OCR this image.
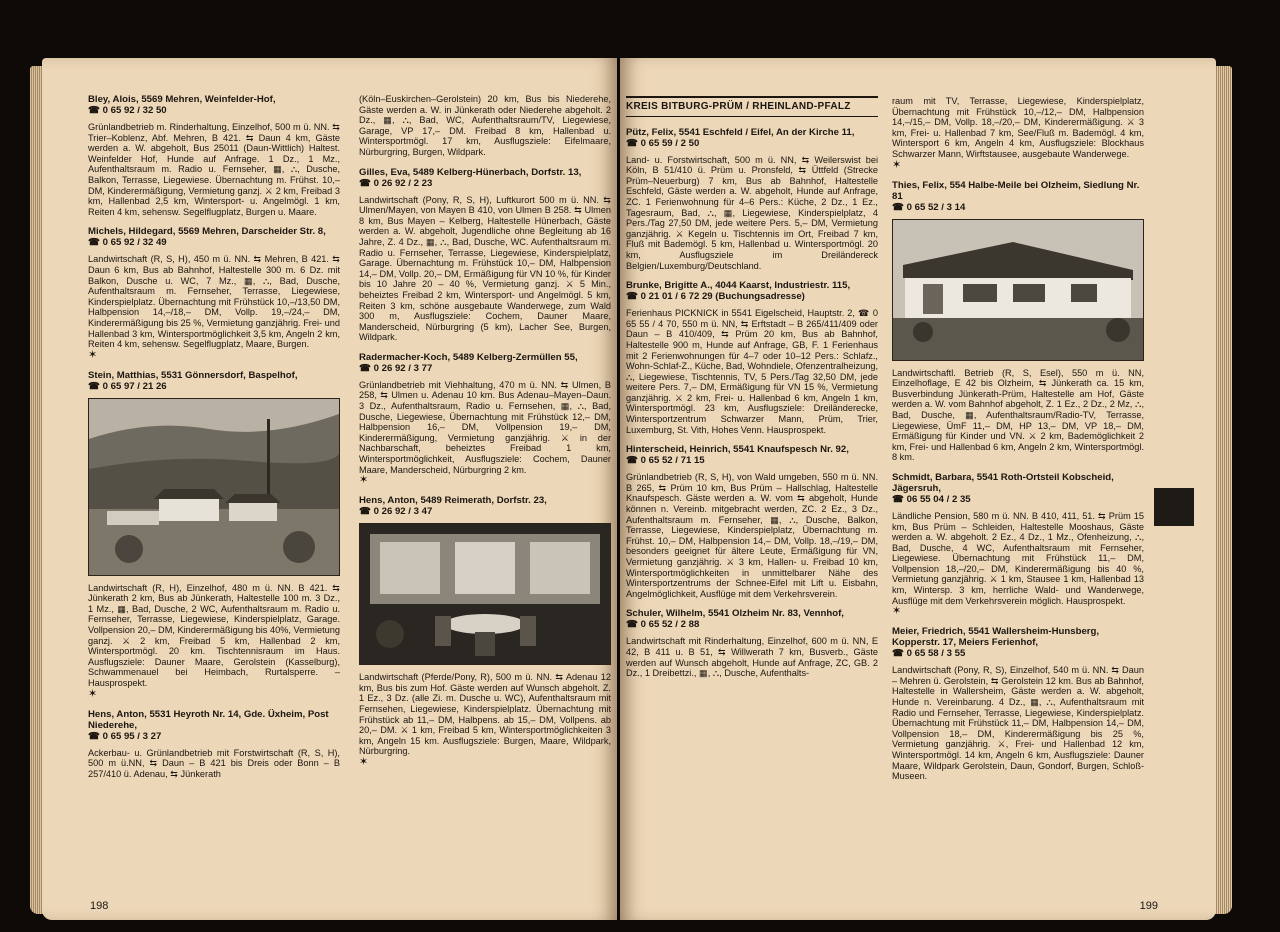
Bley, Alois, 5569 Mehren, Weinfelder-Hof,
☎ 0 65 92 / 32 50
Grünlandbetrieb m. Rinderhaltung, Einzelhof, 500 m ü. NN. ⇆ Trier–Koblenz, Abf. Mehren, B 421. ⇆ Daun 4 km, Gäste werden a. W. abgeholt, Bus 25011 (Daun-Wittlich) Haltest. Weinfelder Hof, Hunde auf Anfrage. 1 Dz., 1 Mz., Aufenthaltsraum m. Radio u. Fernseher, ▦, ⛬, Dusche, Balkon, Terrasse, Liegewiese. Übernachtung m. Frühst. 10,– DM, Kinderermäßigung, Vermietung ganzj. ⚔ 2 km, Freibad 3 km, Hallenbad 2,5 km, Wintersport- u. Angelmögl. 1 km, Reiten 4 km, sehensw. Segelflugplatz, Burgen u. Maare.
Michels, Hildegard, 5569 Mehren, Darscheider Str. 8,
☎ 0 65 92 / 32 49
Landwirtschaft (R, S, H), 450 m ü. NN. ⇆ Mehren, B 421. ⇆ Daun 6 km, Bus ab Bahnhof, Haltestelle 300 m. 6 Dz. mit Balkon, Dusche u. WC, 7 Mz., ▦, ⛬, Bad, Dusche, Aufenthaltsraum m. Fernseher, Terrasse, Liegewiese, Kinderspielplatz. Übernachtung mit Frühstück 10,–/13,50 DM, Halbpension 14,–/18,– DM, Vollp. 19,–/24,– DM, Kinderermäßigung bis 25 %, Vermietung ganzjährig. Frei- und Hallenbad 3 km, Wintersportmöglichkeit 3,5 km, Angeln 2 km, Reiten 4 km, sehensw. Segelflugplatz, Maare, Burgen.
✶
Stein, Matthias, 5531 Gönnersdorf, Baspelhof,
☎ 0 65 97 / 21 26
Landwirtschaft (R, H), Einzelhof, 480 m ü. NN. B 421. ⇆ Jünkerath 2 km, Bus ab Jünkerath, Haltestelle 100 m. 3 Dz., 1 Mz., ▦, Bad, Dusche, 2 WC, Aufenthaltsraum m. Radio u. Fernseher, Terrasse, Liegewiese, Kinderspielplatz, Garage. Vollpension 20,– DM, Kinderermäßigung bis 40%, Vermietung ganzj. ⚔ 2 km, Freibad 5 km, Hallenbad 2 km, Wintersportmögl. 20 km. Tischtennisraum im Haus. Ausflugsziele: Dauner Maare, Gerolstein (Kasselburg), Schwammenauel bei Heimbach, Rurtalsperre. – Hausprospekt.
✶
Hens, Anton, 5531 Heyroth Nr. 14, Gde. Üxheim, Post Niederehe,
☎ 0 65 95 / 3 27
Ackerbau- u. Grünlandbetrieb mit Forstwirtschaft (R, S, H), 500 m ü.NN, ⇆ Daun – B 421 bis Dreis oder Bonn – B 257/410 ü. Adenau, ⇆ Jünkerath
(Köln–Euskirchen–Gerolstein) 20 km, Bus bis Niederehe, Gäste werden a. W. in Jünkerath oder Niederehe abgeholt. 2 Dz., ▦, ⛬, Bad, WC, Aufenthaltsraum/TV, Liegewiese, Garage, VP 17,– DM. Freibad 8 km, Hallenbad u. Wintersportmögl. 17 km, Ausflugsziele: Eifelmaare, Nürburgring, Burgen, Wildpark.
Gilles, Eva, 5489 Kelberg-Hünerbach, Dorfstr. 13,
☎ 0 26 92 / 2 23
Landwirtschaft (Pony, R, S, H), Luftkurort 500 m ü. NN. ⇆ Ulmen/Mayen, von Mayen B 410, von Ulmen B 258. ⇆ Ulmen 8 km, Bus Mayen – Kelberg, Haltestelle Hünerbach, Gäste werden a. W. abgeholt, Jugendliche ohne Begleitung ab 16 Jahre, Z. 4 Dz., ▦, ⛬, Bad, Dusche, WC. Aufenthaltsraum m. Radio u. Fernseher, Terrasse, Liegewiese, Kinderspielplatz, Garage. Übernachtung m. Frühstück 10,– DM, Halbpension 14,– DM, Vollp. 20,– DM, Ermäßigung für VN 10 %, für Kinder bis 10 Jahre 20 – 40 %, Vermietung ganzj. ⚔ 5 Min., beheiztes Freibad 2 km, Wintersport- und Angelmögl. 5 km, Reiten 3 km, schöne ausgebaute Wanderwege, zum Wald 300 m, Ausflugsziele: Cochem, Dauner Maare, Manderscheid, Nürburgring (5 km), Lacher See, Burgen, Wildpark.
Radermacher-Koch, 5489 Kelberg-Zermüllen 55,
☎ 0 26 92 / 3 77
Grünlandbetrieb mit Viehhaltung, 470 m ü. NN. ⇆ Ulmen, B 258, ⇆ Ulmen u. Adenau 10 km. Bus Adenau–Mayen–Daun. 3 Dz., Aufenthaltsraum, Radio u. Fernsehen, ▦, ⛬, Bad, Dusche, Liegewiese, Übernachtung mit Frühstück 12,– DM, Halbpension 16,– DM, Vollpension 19,– DM, Kinderermäßigung, Vermietung ganzjährig. ⚔ in der Nachbarschaft, beheiztes Freibad 1 km, Wintersportmöglichkeit, Ausflugsziele: Cochem, Dauner Maare, Manderscheid, Nürburgring 2 km.
✶
Hens, Anton, 5489 Reimerath, Dorfstr. 23,
☎ 0 26 92 / 3 47
Landwirtschaft (Pferde/Pony, R), 500 m ü. NN. ⇆ Adenau 12 km, Bus bis zum Hof. Gäste werden auf Wunsch abgeholt. Z. 1 Ez., 3 Dz. (alle Zi. m. Dusche u. WC), Aufenthaltsraum mit Fernsehen, Liegewiese, Kinderspielplatz. Übernachtung mit Frühstück ab 11,– DM, Halbpens. ab 15,– DM, Vollpens. ab 20,– DM. ⚔ 1 km, Freibad 5 km, Wintersportmöglichkeiten 3 km, Angeln 15 km. Ausflugsziele: Burgen, Maare, Wildpark, Nürburgring.
✶
198
KREIS BITBURG-PRÜM / RHEINLAND-PFALZ
Pütz, Felix, 5541 Eschfeld / Eifel, An der Kirche 11,
☎ 0 65 59 / 2 50
Land- u. Forstwirtschaft, 500 m ü. NN, ⇆ Weilerswist bei Köln, B 51/410 ü. Prüm u. Pronsfeld, ⇆ Üttfeld (Strecke Prüm–Neuerburg) 7 km, Bus ab Bahnhof, Haltestelle Eschfeld, Gäste werden a. W. abgeholt, Hunde auf Anfrage, ZC. 1 Ferienwohnung für 4–6 Pers.: Küche, 2 Dz., 1 Ez., Tagesraum, Bad, ⛬, ▦, Liegewiese, Kinderspielplatz, 4 Pers./Tag 27,50 DM, jede weitere Pers. 5,– DM, Vermietung ganzjährig. ⚔ Kegeln u. Tischtennis im Ort, Freibad 7 km, Fluß mit Bademögl. 5 km, Hallenbad u. Wintersportmögl. 20 km, Ausflugsziele im Dreiländereck Belgien/Luxemburg/Deutschland.
Brunke, Brigitte A., 4044 Kaarst, Industriestr. 115,
☎ 0 21 01 / 6 72 29 (Buchungsadresse)
Ferienhaus PICKNICK in 5541 Eigelscheid, Hauptstr. 2, ☎ 0 65 55 / 4 70, 550 m ü. NN, ⇆ Erftstadt – B 265/411/409 oder Daun – B 410/409, ⇆ Prüm 20 km, Bus ab Bahnhof, Haltestelle 900 m, Hunde auf Anfrage, GB, F. 1 Ferienhaus mit 2 Ferienwohnungen für 4–7 oder 10–12 Pers.: Schlafz., Wohn-Schlaf-Z., Küche, Bad, Wohndiele, Ofenzentralheizung, ⛬, Liegewiese, Tischtennis, TV, 5 Pers./Tag 32,50 DM, jede weitere Pers. 7,– DM, Ermäßigung für VN 15 %, Vermietung ganzjährig. ⚔ 2 km, Frei- u. Hallenbad 6 km, Angeln 1 km, Wintersportmögl. 23 km, Ausflugsziele: Dreiländerecke, Wintersportzentrum Schwarzer Mann, Prüm, Trier, Luxemburg, St. Vith, Hohes Venn. Hausprospekt.
Hinterscheid, Heinrich, 5541 Knaufspesch Nr. 92,
☎ 0 65 52 / 71 15
Grünlandbetrieb (R, S, H), von Wald umgeben, 550 m ü. NN. B 265, ⇆ Prüm 10 km, Bus Prüm – Hallschlag, Haltestelle Knaufspesch. Gäste werden a. W. vom ⇆ abgeholt, Hunde können n. Vereinb. mitgebracht werden, ZC. 2 Ez., 3 Dz., Aufenthaltsraum m. Fernseher, ▦, ⛬, Dusche, Balkon, Terrasse, Liegewiese, Kinderspielplatz, Übernachtung m. Frühst. 10,– DM, Halbpension 14,– DM, Vollp. 18,–/19,– DM, besonders geeignet für ältere Leute, Ermäßigung für VN, Vermietung ganzjährig. ⚔ 3 km, Hallen- u. Freibad 10 km, Wintersportmöglichkeiten in unmittelbarer Nähe des Wintersportzentrums der Schnee-Eifel mit Lift u. Eisbahn, Angelmöglichkeit, Ausflüge mit dem Verkehrsverein.
Schuler, Wilhelm, 5541 Olzheim Nr. 83, Vennhof,
☎ 0 65 52 / 2 88
Landwirtschaft mit Rinderhaltung, Einzelhof, 600 m ü. NN, E 42, B 411 u. B 51, ⇆ Willwerath 7 km, Busverb., Gäste werden auf Wunsch abgeholt, Hunde auf Anfrage, ZC, GB. 2 Dz., 1 Dreibettzi., ▦, ⛬, Dusche, Aufenthalts-
raum mit TV, Terrasse, Liegewiese, Kinderspielplatz, Übernachtung mit Frühstück 10,–/12,– DM, Halbpension 14,–/15,– DM, Vollp. 18,–/20,– DM, Kinderermäßigung. ⚔ 3 km, Frei- u. Hallenbad 7 km, See/Fluß m. Bademögl. 4 km, Wintersport 6 km, Angeln 4 km, Ausflugsziele: Blockhaus Schwarzer Mann, Wirftstausee, ausgebaute Wanderwege.
✶
Thies, Felix, 554 Halbe-Meile bei Olzheim, Siedlung Nr. 81
☎ 0 65 52 / 3 14
Landwirtschaftl. Betrieb (R, S, Esel), 550 m ü. NN, Einzelhoflage, E 42 bis Olzheim, ⇆ Jünkerath ca. 15 km, Busverbindung Jünkerath-Prüm, Haltestelle am Hof, Gäste werden a. W. vom Bahnhof abgeholt, Z. 1 Ez., 2 Dz., 2 Mz, ⛬, Bad, Dusche, ▦, Aufenthaltsraum/Radio-TV, Terrasse, Liegewiese, ÜmF 11,– DM, HP 13,– DM, VP 18,– DM, Ermäßigung für Kinder und VN. ⚔ 2 km, Bademöglichkeit 2 km, Frei- und Hallenbad 6 km, Angeln 2 km, Wintersportmögl. 8 km.
Schmidt, Barbara, 5541 Roth-Ortsteil Kobscheid, Jägersruh,
☎ 06 55 04 / 2 35
Ländliche Pension, 580 m ü. NN. B 410, 411, 51. ⇆ Prüm 15 km, Bus Prüm – Schleiden, Haltestelle Mooshaus, Gäste werden a. W. abgeholt. 2 Ez., 4 Dz., 1 Mz., Ofenheizung, ⛬, Bad, Dusche, 4 WC, Aufenthaltsraum mit Fernseher, Liegewiese. Übernachtung mit Frühstück 11,– DM, Vollpension 18,–/20,– DM, Kinderermäßigung bis 40 %, Vermietung ganzjährig. ⚔ 1 km, Stausee 1 km, Hallenbad 13 km, Wintersp. 3 km, herrliche Wald- und Wanderwege, Ausflüge mit dem Verkehrsverein möglich. Hausprospekt.
✶
Meier, Friedrich, 5541 Wallersheim-Hunsberg, Kopperstr. 17, Meiers Ferienhof,
☎ 0 65 58 / 3 55
Landwirtschaft (Pony, R, S), Einzelhof, 540 m ü. NN. ⇆ Daun – Mehren ü. Gerolstein, ⇆ Gerolstein 12 km. Bus ab Bahnhof, Haltestelle in Wallersheim, Gäste werden a. W. abgeholt, Hunde n. Vereinbarung. 4 Dz., ▦, ⛬, Aufenthaltsraum mit Radio und Fernseher, Terrasse, Liegewiese, Kinderspielplatz. Übernachtung mit Frühstück 11,– DM, Halbpension 14,– DM, Vollpension 18,– DM, Kinderermäßigung bis 25 %, Vermietung ganzjährig. ⚔, Frei- und Hallenbad 12 km, Wintersportmögl. 14 km, Angeln 6 km, Ausflugsziele: Dauner Maare, Wildpark Gerolstein, Daun, Gondorf, Burgen, Schloß-Museen.
199
